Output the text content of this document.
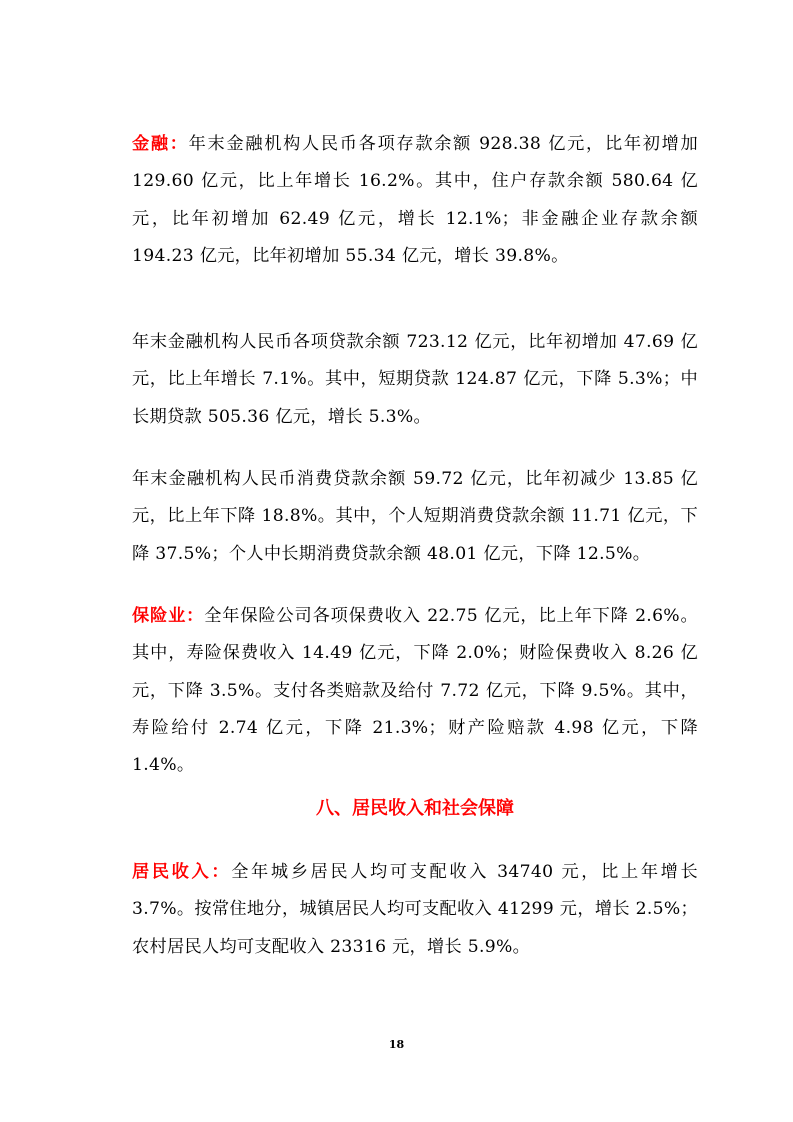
金融：年末金融机构人民币各项存款余额 928.38 亿元，比年初增加 129.60 亿元，比上年增长 16.2%。其中，住户存款余额 580.64 亿元，比年初增加 62.49 亿元，增长 12.1%；非金融企业存款余额 194.23 亿元，比年初增加 55.34 亿元，增长 39.8%。

年末金融机构人民币各项贷款余额 723.12 亿元，比年初增加 47.69 亿元，比上年增长 7.1%。其中，短期贷款 124.87 亿元，下降 5.3%；中长期贷款 505.36 亿元，增长 5.3%。

年末金融机构人民币消费贷款余额 59.72 亿元，比年初减少 13.85 亿元，比上年下降 18.8%。其中，个人短期消费贷款余额 11.71 亿元，下降 37.5%；个人中长期消费贷款余额 48.01 亿元，下降 12.5%。

保险业：全年保险公司各项保费收入 22.75 亿元，比上年下降 2.6%。其中，寿险保费收入 14.49 亿元，下降 2.0%；财险保费收入 8.26 亿元，下降 3.5%。支付各类赔款及给付 7.72 亿元，下降 9.5%。其中，寿险给付 2.74 亿元，下降 21.3%；财产险赔款 4.98 亿元，下降 1.4%。

八、居民收入和社会保障

居民收入：全年城乡居民人均可支配收入 34740 元，比上年增长 3.7%。按常住地分，城镇居民人均可支配收入 41299 元，增长 2.5%；农村居民人均可支配收入 23316 元，增长 5.9%。

18
